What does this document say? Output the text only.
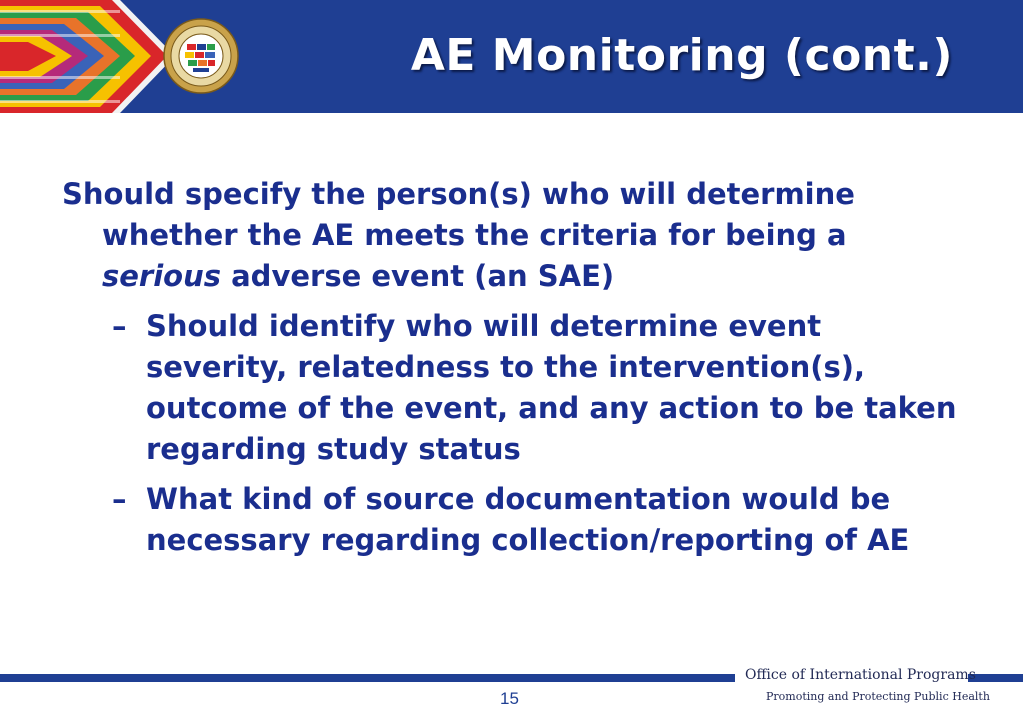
AE Monitoring (cont.)
Should specify the person(s) who will determine whether the AE meets the criteria for being a serious adverse event (an SAE)
– Should identify who will determine event severity, relatedness to the intervention(s), outcome of the event, and any action to be taken regarding study status
– What kind of source documentation would be necessary regarding collection/reporting of AE
Office of International Programs
Promoting and Protecting Public Health
15
